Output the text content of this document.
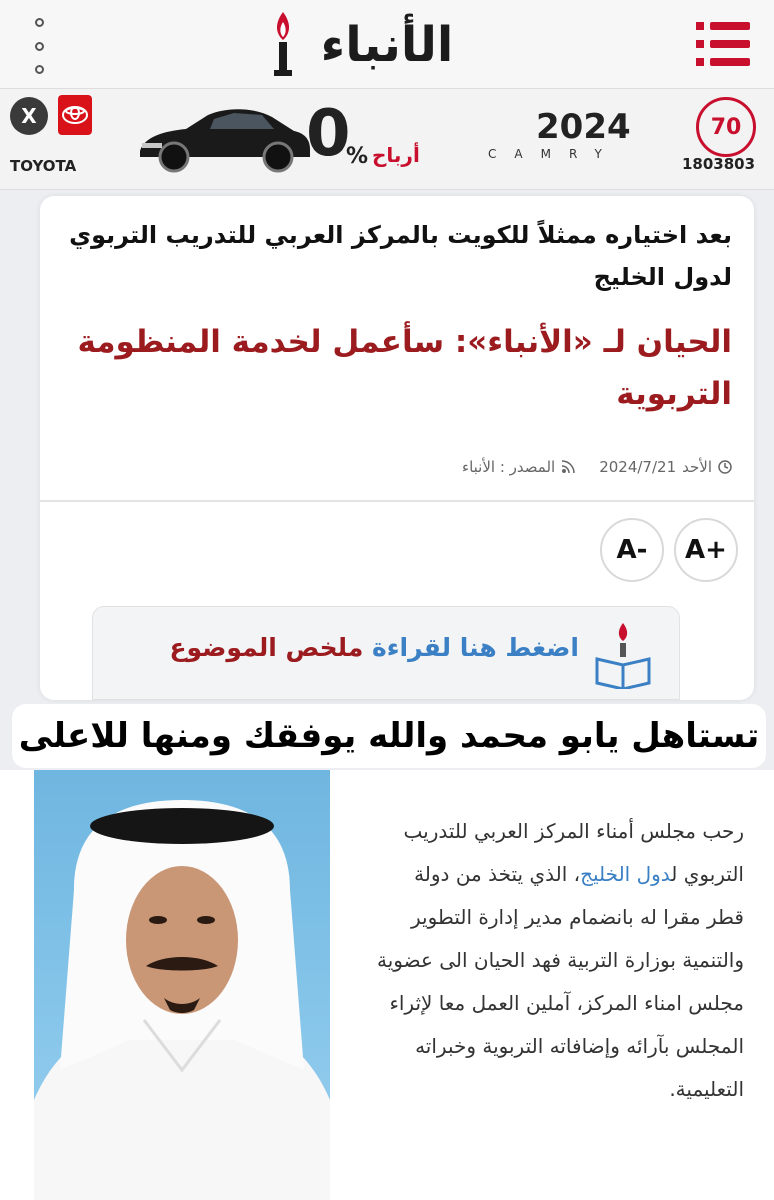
الأنباء
X
TOYOTA	0
% أرباح
2024
CAMRY
70
1803803
بعد اختياره ممثلاً للكويت بالمركز العربي للتدريب التربوي لدول الخليج
الحيان لـ «الأنباء»: سأعمل لخدمة المنظومة التربوية
الأحد
2024/7/21
المصدر : الأنباء
A+
A-
اضغط هنا لقراءة ملخص الموضوع
تستاهل يابو محمد والله يوفقك ومنها للاعلى
رحب مجلس أمناء المركز العربي للتدريب التربوي لدول الخليج، الذي يتخذ من دولة قطر مقرا له بانضمام مدير إدارة التطوير والتنمية بوزارة التربية فهد الحيان الى عضوية مجلس امناء المركز، آملين العمل معا لإثراء المجلس بآرائه وإضافاته التربوية وخبراته التعليمية.
